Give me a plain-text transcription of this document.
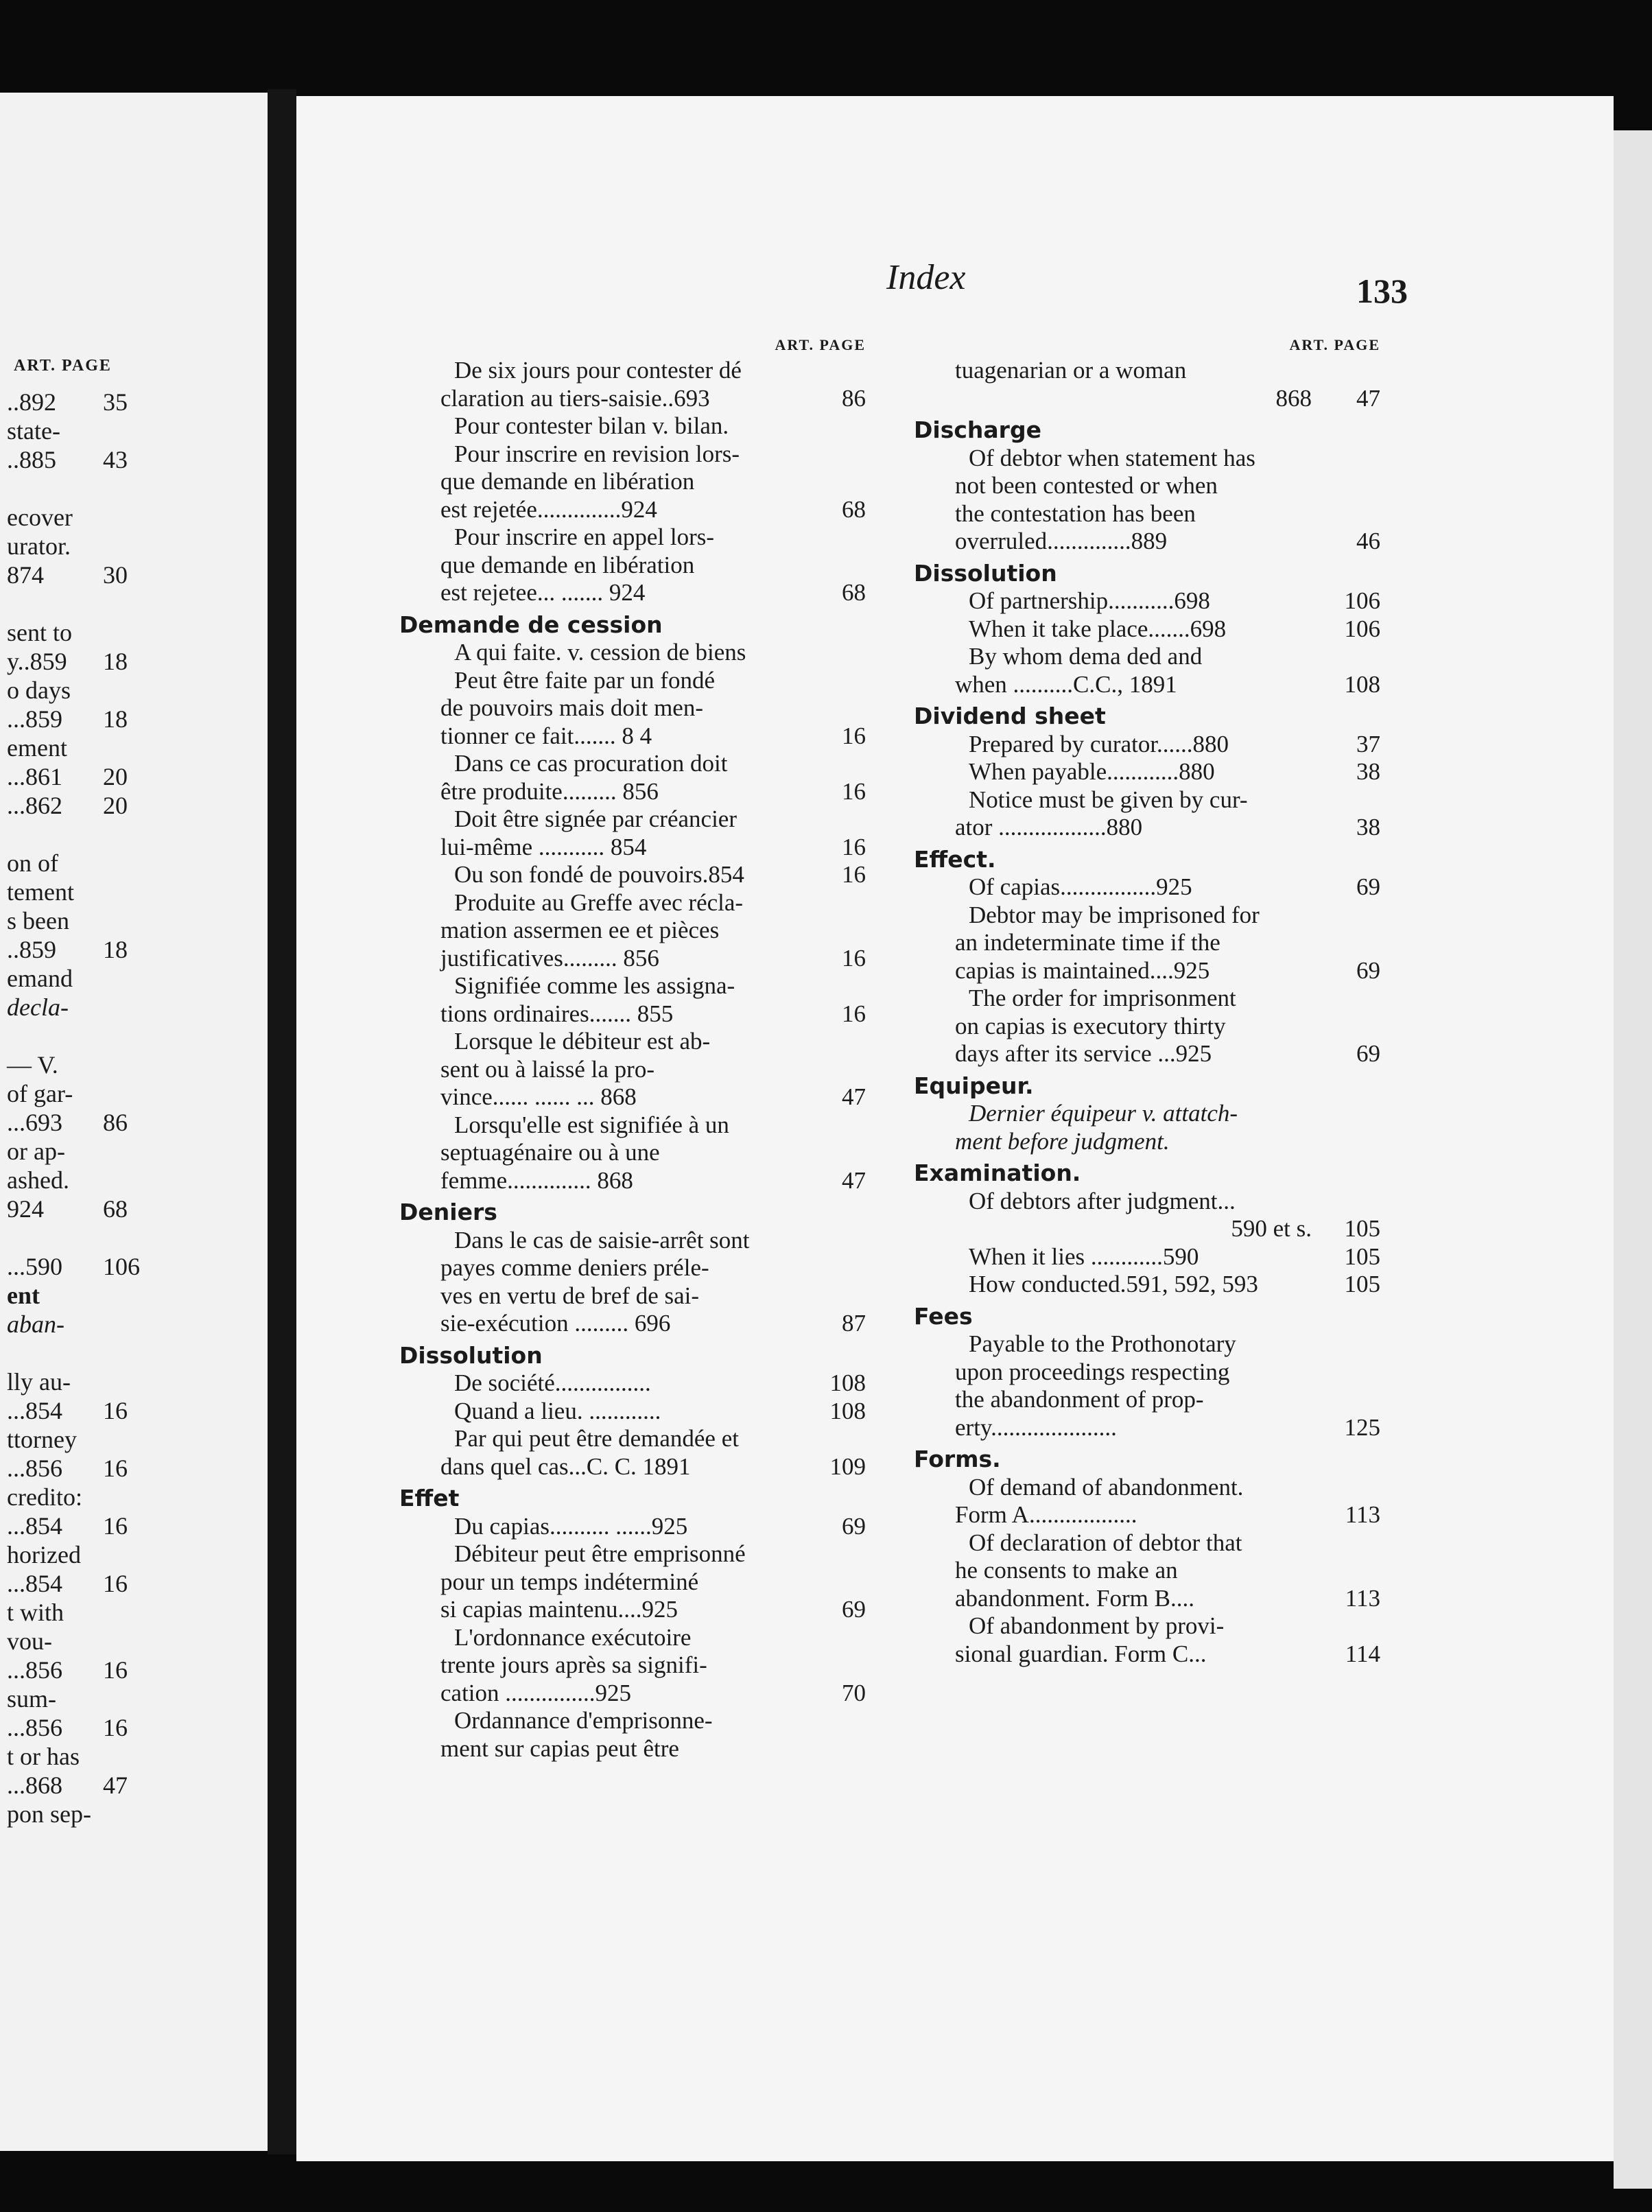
ART. PAGE
..892 35
state-
..885 43
ecover
urator.
874 30
sent to
y..859 18
o days
...859 18
ement
...861 20
...862 20
on of
tement
s been
..859 18
emand
decla-
— V.
of gar-
...693 86
or ap-
ashed.
924 68
...590 106
ent
aban-
lly au-
...854 16
ttorney
...856 16
credito:
...854 16
horized
...854 16
t with
vou-
...856 16
sum-
...856 16
t or has
...868 47
pon sep-
Index	133
ART. PAGE
De six jours pour contester dé
claration au tiers-saisie..693	86
Pour contester bilan v. bilan.
Pour inscrire en revision lors-
que demande en libération
est rejetée..............924	68
Pour inscrire en appel lors-
que demande en libération
est rejetee... ....... 924	68
Demande de cession
A qui faite. v. cession de biens
Peut être faite par un fondé
de pouvoirs mais doit men-
tionner ce fait....... 8 4	16
Dans ce cas procuration doit
être produite......... 856	16
Doit être signée par créancier
lui-même ........... 854	16
Ou son fondé de pouvoirs.854	16
Produite au Greffe avec récla-
mation assermen ee et pièces
justificatives......... 856	16
Signifiée comme les assigna-
tions ordinaires....... 855	16
Lorsque le débiteur est ab-
sent ou à laissé la pro-
vince...... ...... ... 868	47
Lorsqu'elle est signifiée à un
septuagénaire ou à une
femme.............. 868	47
Deniers
Dans le cas de saisie-arrêt sont
payes comme deniers préle-
ves en vertu de bref de sai-
sie-exécution ......... 696	87
Dissolution
De société................	108
Quand a lieu. ............	108
Par qui peut être demandée et
dans quel cas...C. C. 1891	109
Effet
Du capias.......... ......925	69
Débiteur peut être emprisonné
pour un temps indéterminé
si capias maintenu....925	69
L'ordonnance exécutoire
trente jours après sa signifi-
cation ...............925	70
Ordannance d'emprisonne-
ment sur capias peut être
ART. PAGE
tuagenarian or a woman
868	47
Discharge
Of debtor when statement has
not been contested or when
the contestation has been
overruled..............889	46
Dissolution
Of partnership...........698	106
When it take place.......698	106
By whom dema ded and
when ..........C.C., 1891	108
Dividend sheet
Prepared by curator......880	37
When payable............880	38
Notice must be given by cur-
ator ..................880	38
Effect.
Of capias................925	69
Debtor may be imprisoned for
an indeterminate time if the
capias is maintained....925	69
The order for imprisonment
on capias is executory thirty
days after its service ...925	69
Equipeur.
Dernier équipeur v. attatch-
ment before judgment.
Examination.
Of debtors after judgment...
590 et s.	105
When it lies ............590	105
How conducted.591, 592, 593	105
Fees
Payable to the Prothonotary
upon proceedings respecting
the abandonment of prop-
erty.....................	125
Forms.
Of demand of abandonment.
Form A..................	113
Of declaration of debtor that
he consents to make an
abandonment. Form B....	113
Of abandonment by provi-
sional guardian. Form C...	114
